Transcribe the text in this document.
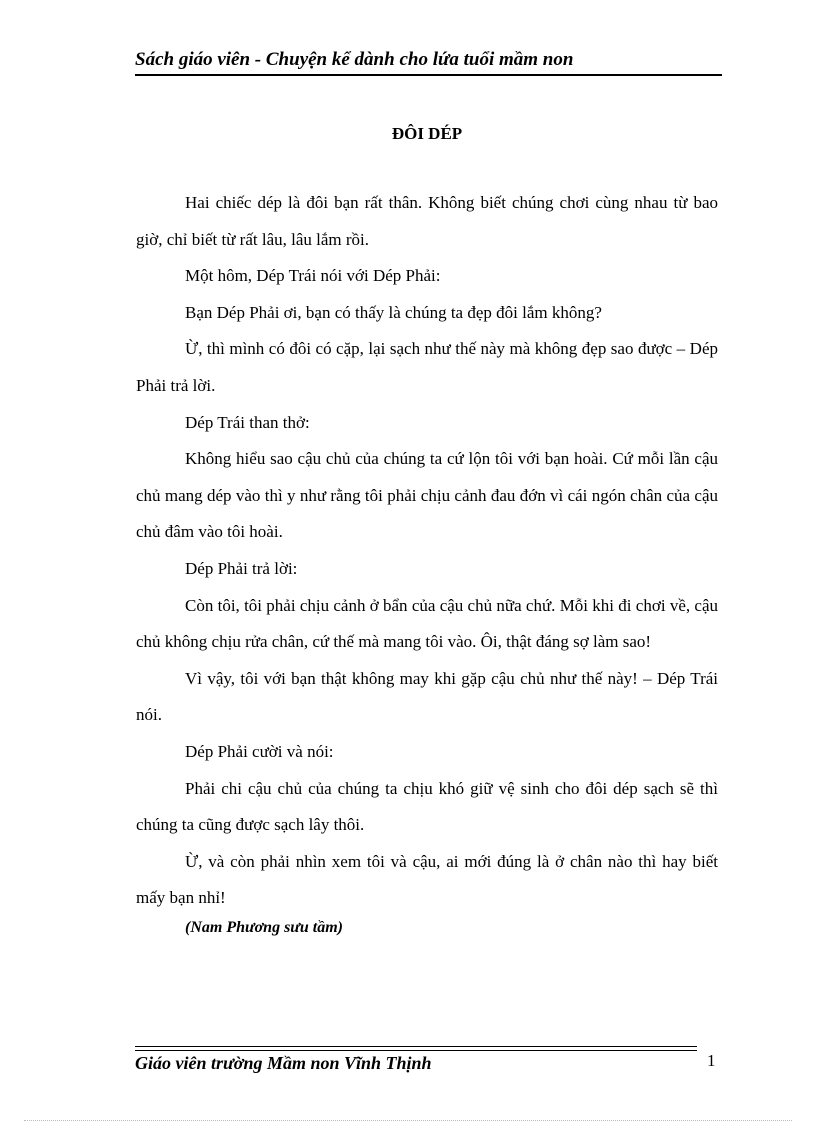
Sách giáo viên - Chuyện kể dành cho lứa tuổi mầm non
ĐÔI DÉP

Hai chiếc dép là đôi bạn rất thân. Không biết chúng chơi cùng nhau từ bao giờ, chỉ biết từ rất lâu, lâu lắm rồi.

Một hôm, Dép Trái nói với Dép Phải:

Bạn Dép Phải ơi, bạn có thấy là chúng ta đẹp đôi lắm không?

Ừ, thì mình có đôi có cặp, lại sạch như thế này mà không đẹp sao được – Dép Phải trả lời.

Dép Trái than thở:

Không hiểu sao cậu chủ của chúng ta cứ lộn tôi với bạn hoài. Cứ mỗi lần cậu chủ mang dép vào thì y như rằng tôi phải chịu cảnh đau đớn vì cái ngón chân của cậu chủ đâm vào tôi hoài.

Dép Phải trả lời:

Còn tôi, tôi phải chịu cảnh ở bẩn của cậu chủ nữa chứ. Mỗi khi đi chơi về, cậu chủ không chịu rửa chân, cứ thế mà mang tôi vào. Ôi, thật đáng sợ làm sao!

Vì vậy, tôi với bạn thật không may khi gặp cậu chủ như thế này! – Dép Trái nói.

Dép Phải cười và nói:

Phải chi cậu chủ của chúng ta chịu khó giữ vệ sinh cho đôi dép sạch sẽ thì chúng ta cũng được sạch lây thôi.

Ừ, và còn phải nhìn xem tôi và cậu, ai mới đúng là ở chân nào thì hay biết mấy bạn nhỉ!

(Nam Phương sưu tầm)

Giáo viên trường Mầm non Vĩnh Thịnh	1
